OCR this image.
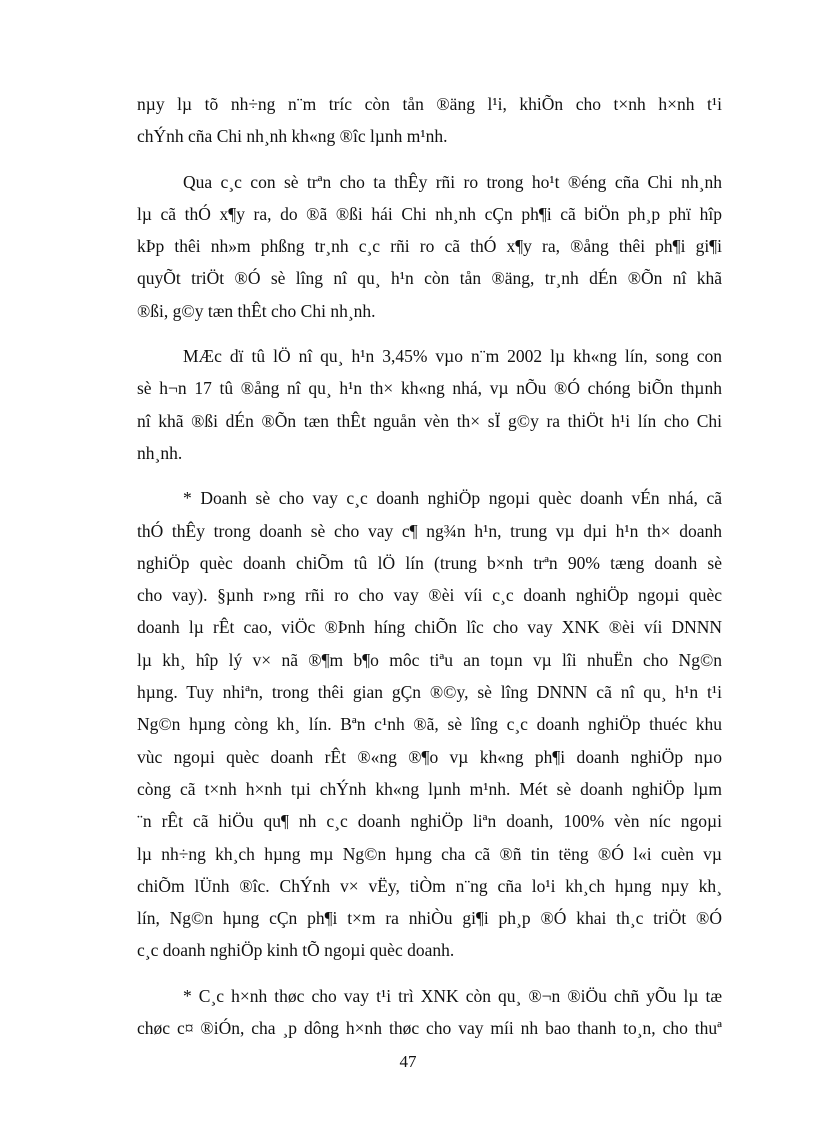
nµy lµ tõ nh÷ng n¨m tríc còn tån ®äng l¹i, khiÕn cho t×nh h×nh t¹i
chÝnh cña Chi nh¸nh kh«ng ®îc lµnh m¹nh.
Qua c¸c con sè trªn cho ta thÊy rñi ro trong ho¹t ®éng cña Chi nh¸nh
lµ cã thÓ x¶y ra, do ®ã ®ßi hái Chi nh¸nh cÇn ph¶i cã biÖn ph¸p phï hîp
kÞp thêi nh»m phßng tr¸nh c¸c rñi ro cã thÓ x¶y ra, ®ång thêi ph¶i gi¶i
quyÕt triÖt ®Ó sè lîng nî qu¸ h¹n còn tån ®äng, tr¸nh dÉn ®Õn nî khã
®ßi, g©y tæn thÊt cho Chi nh¸nh.
MÆc dï tû lÖ nî qu¸ h¹n 3,45% vµo n¨m 2002 lµ kh«ng lín, song con
sè h¬n 17 tû ®ång nî qu¸ h¹n th× kh«ng nhá, vµ nÕu ®Ó chóng biÕn thµnh
nî khã ®ßi dÉn ®Õn tæn thÊt nguån vèn th× sÏ g©y ra thiÖt h¹i lín cho Chi
nh¸nh.
* Doanh sè cho vay c¸c doanh nghiÖp ngoµi quèc doanh vÉn nhá, cã
thÓ thÊy trong doanh sè cho vay c¶ ng¾n h¹n, trung vµ dµi h¹n th× doanh
nghiÖp quèc doanh chiÕm tû lÖ lín (trung b×nh trªn 90% tæng doanh sè
cho vay). §µnh r»ng rñi ro cho vay ®èi víi c¸c doanh nghiÖp ngoµi quèc
doanh lµ rÊt cao, viÖc ®Þnh híng chiÕn lîc cho vay XNK ®èi víi DNNN
lµ kh¸ hîp lý v× nã ®¶m b¶o môc tiªu an toµn vµ lîi nhuËn cho Ng©n
hµng. Tuy nhiªn, trong thêi gian gÇn ®©y, sè lîng DNNN cã nî qu¸ h¹n t¹i
Ng©n hµng còng kh¸ lín. Bªn c¹nh ®ã, sè lîng c¸c doanh nghiÖp thuéc khu
vùc ngoµi quèc doanh rÊt ®«ng ®¶o vµ kh«ng ph¶i doanh nghiÖp nµo
còng cã t×nh h×nh tµi chÝnh kh«ng lµnh m¹nh. Mét sè doanh nghiÖp lµm
¨n rÊt cã hiÖu qu¶ nh c¸c doanh nghiÖp liªn doanh, 100% vèn níc ngoµi
lµ nh÷ng kh¸ch hµng mµ Ng©n hµng cha cã ®ñ tin tëng ®Ó l«i cuèn vµ
chiÕm lÜnh ®îc. ChÝnh v× vËy, tiÒm n¨ng cña lo¹i kh¸ch hµng nµy kh¸
lín, Ng©n hµng cÇn ph¶i t×m ra nhiÒu gi¶i ph¸p ®Ó khai th¸c triÖt ®Ó
c¸c doanh nghiÖp kinh tÕ ngoµi quèc doanh.
* C¸c h×nh thøc cho vay t¹i trì XNK còn qu¸ ®¬n ®iÖu chñ yÕu lµ tæ
chøc c¤ ®iÓn, cha ¸p dông h×nh thøc cho vay míi nh bao thanh to¸n, cho thuª
47
